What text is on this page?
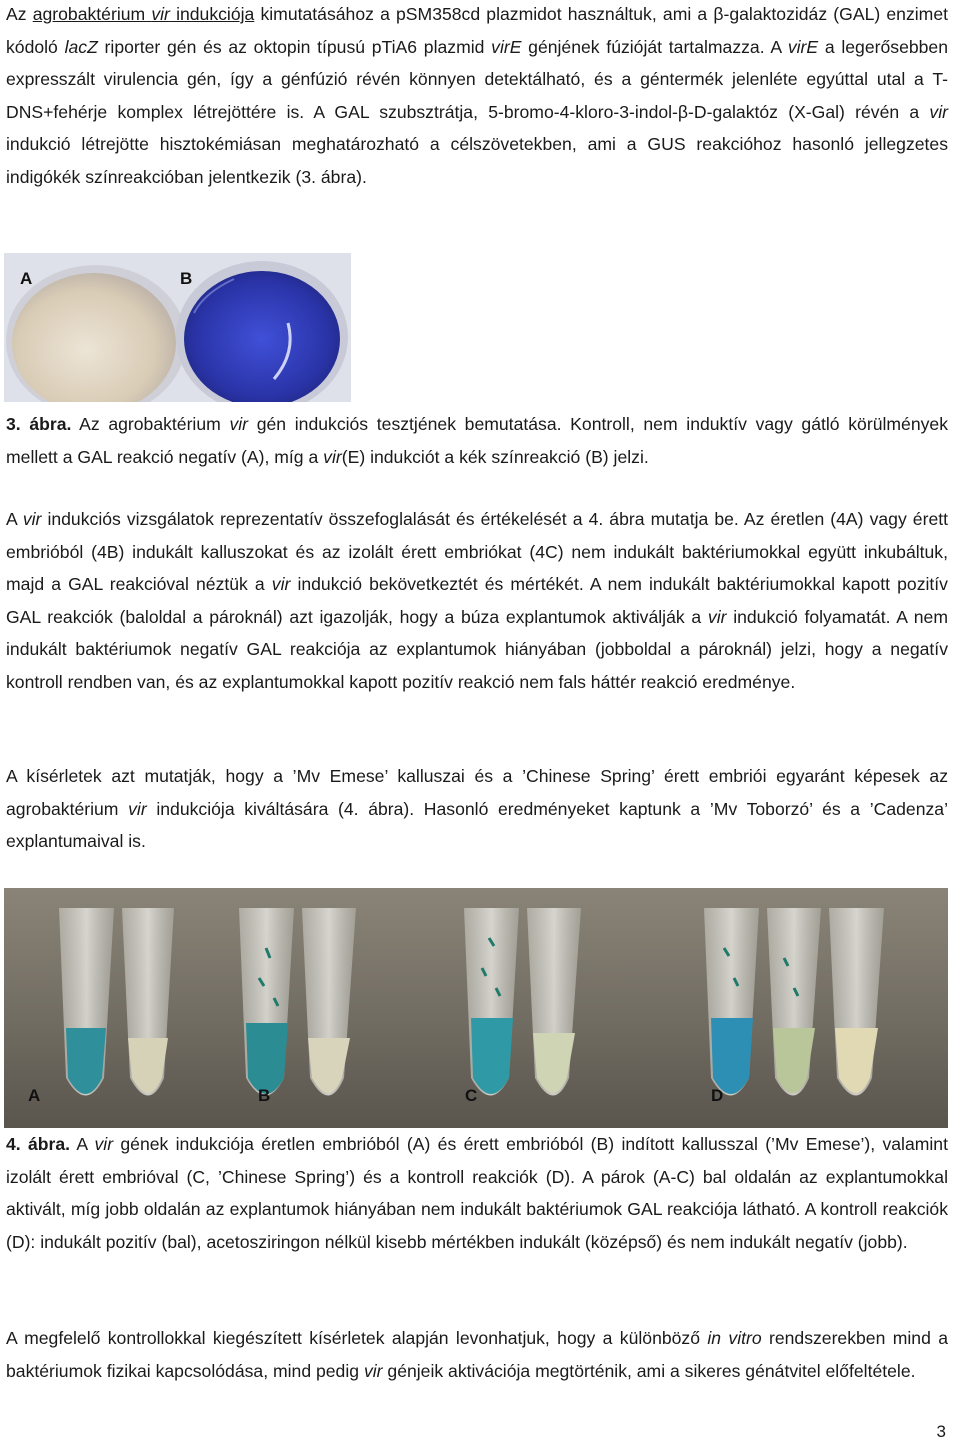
Az agrobaktérium vir indukciója kimutatásához a pSM358cd plazmidot használtuk, ami a β-galaktozidáz (GAL) enzimet kódoló lacZ riporter gén és az oktopin típusú pTiA6 plazmid virE génjének fúzióját tartalmazza. A virE a legerősebben expresszált virulencia gén, így a génfúzió révén könnyen detektálható, és a géntermék jelenléte egyúttal utal a T-DNS+fehérje komplex létrejöttére is. A GAL szubsztrátja, 5-bromo-4-kloro-3-indol-β-D-galaktóz (X-Gal) révén a vir indukció létrejötte hisztokémiásan meghatározható a célszövetekben, ami a GUS reakcióhoz hasonló jellegzetes indigókék színreakcióban jelentkezik (3. ábra).

A	B

3. ábra. Az agrobaktérium vir gén indukciós tesztjének bemutatása. Kontroll, nem induktív vagy gátló körülmények mellett a GAL reakció negatív (A), míg a vir(E) indukciót a kék színreakció (B) jelzi.

A vir indukciós vizsgálatok reprezentatív összefoglalását és értékelését a 4. ábra mutatja be. Az éretlen (4A) vagy érett embrióból (4B) indukált kalluszokat és az izolált érett embriókat (4C) nem indukált baktériumokkal együtt inkubáltuk, majd a GAL reakcióval néztük a vir indukció bekövetkeztét és mértékét. A nem indukált baktériumokkal kapott pozitív GAL reakciók (baloldal a pároknál) azt igazolják, hogy a búza explantumok aktiválják a vir indukció folyamatát. A nem indukált baktériumok negatív GAL reakciója az explantumok hiányában (jobboldal a pároknál) jelzi, hogy a negatív kontroll rendben van, és az explantumokkal kapott pozitív reakció nem fals háttér reakció eredménye.

A kísérletek azt mutatják, hogy a ’Mv Emese’ kalluszai és a ’Chinese Spring’ érett embriói egyaránt képesek az agrobaktérium vir indukciója kiváltására (4. ábra). Hasonló eredményeket kaptunk a ’Mv Toborzó’ és a ’Cadenza’ explantumaival is.

A	B	C	D

4. ábra. A vir gének indukciója éretlen embrióból (A) és érett embrióból (B) indított kallusszal (’Mv Emese’), valamint izolált érett embrióval (C, ’Chinese Spring’) és a kontroll reakciók (D). A párok (A-C) bal oldalán az explantumokkal aktivált, míg jobb oldalán az explantumok hiányában nem indukált baktériumok GAL reakciója látható. A kontroll reakciók (D): indukált pozitív (bal), acetosziringon nélkül kisebb mértékben indukált (középső) és nem indukált negatív (jobb).

A megfelelő kontrollokkal kiegészített kísérletek alapján levonhatjuk, hogy a különböző in vitro rendszerekben mind a baktériumok fizikai kapcsolódása, mind pedig vir génjeik aktivációja megtörténik, ami a sikeres génátvitel előfeltétele.

3
